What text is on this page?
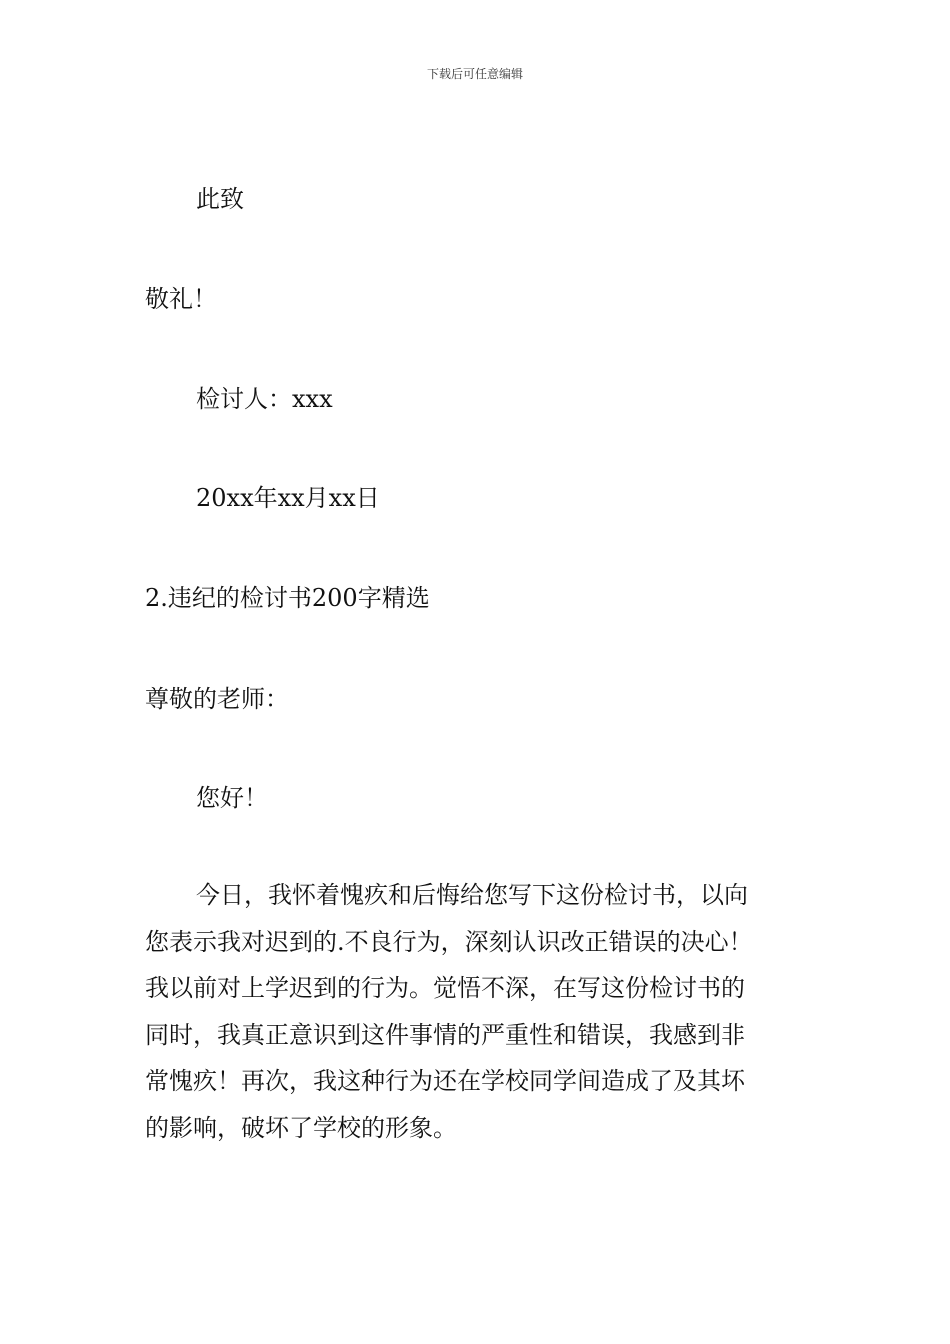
下载后可任意编辑
此致
敬礼！
检讨人：xxx
20xx年xx月xx日
2.违纪的检讨书200字精选
尊敬的老师：
您好！
今日，我怀着愧疚和后悔给您写下这份检讨书，以向
您表示我对迟到的.不良行为，深刻认识改正错误的决心！
我以前对上学迟到的行为。觉悟不深，在写这份检讨书的
同时，我真正意识到这件事情的严重性和错误，我感到非
常愧疚！再次，我这种行为还在学校同学间造成了及其坏
的影响，破坏了学校的形象。
